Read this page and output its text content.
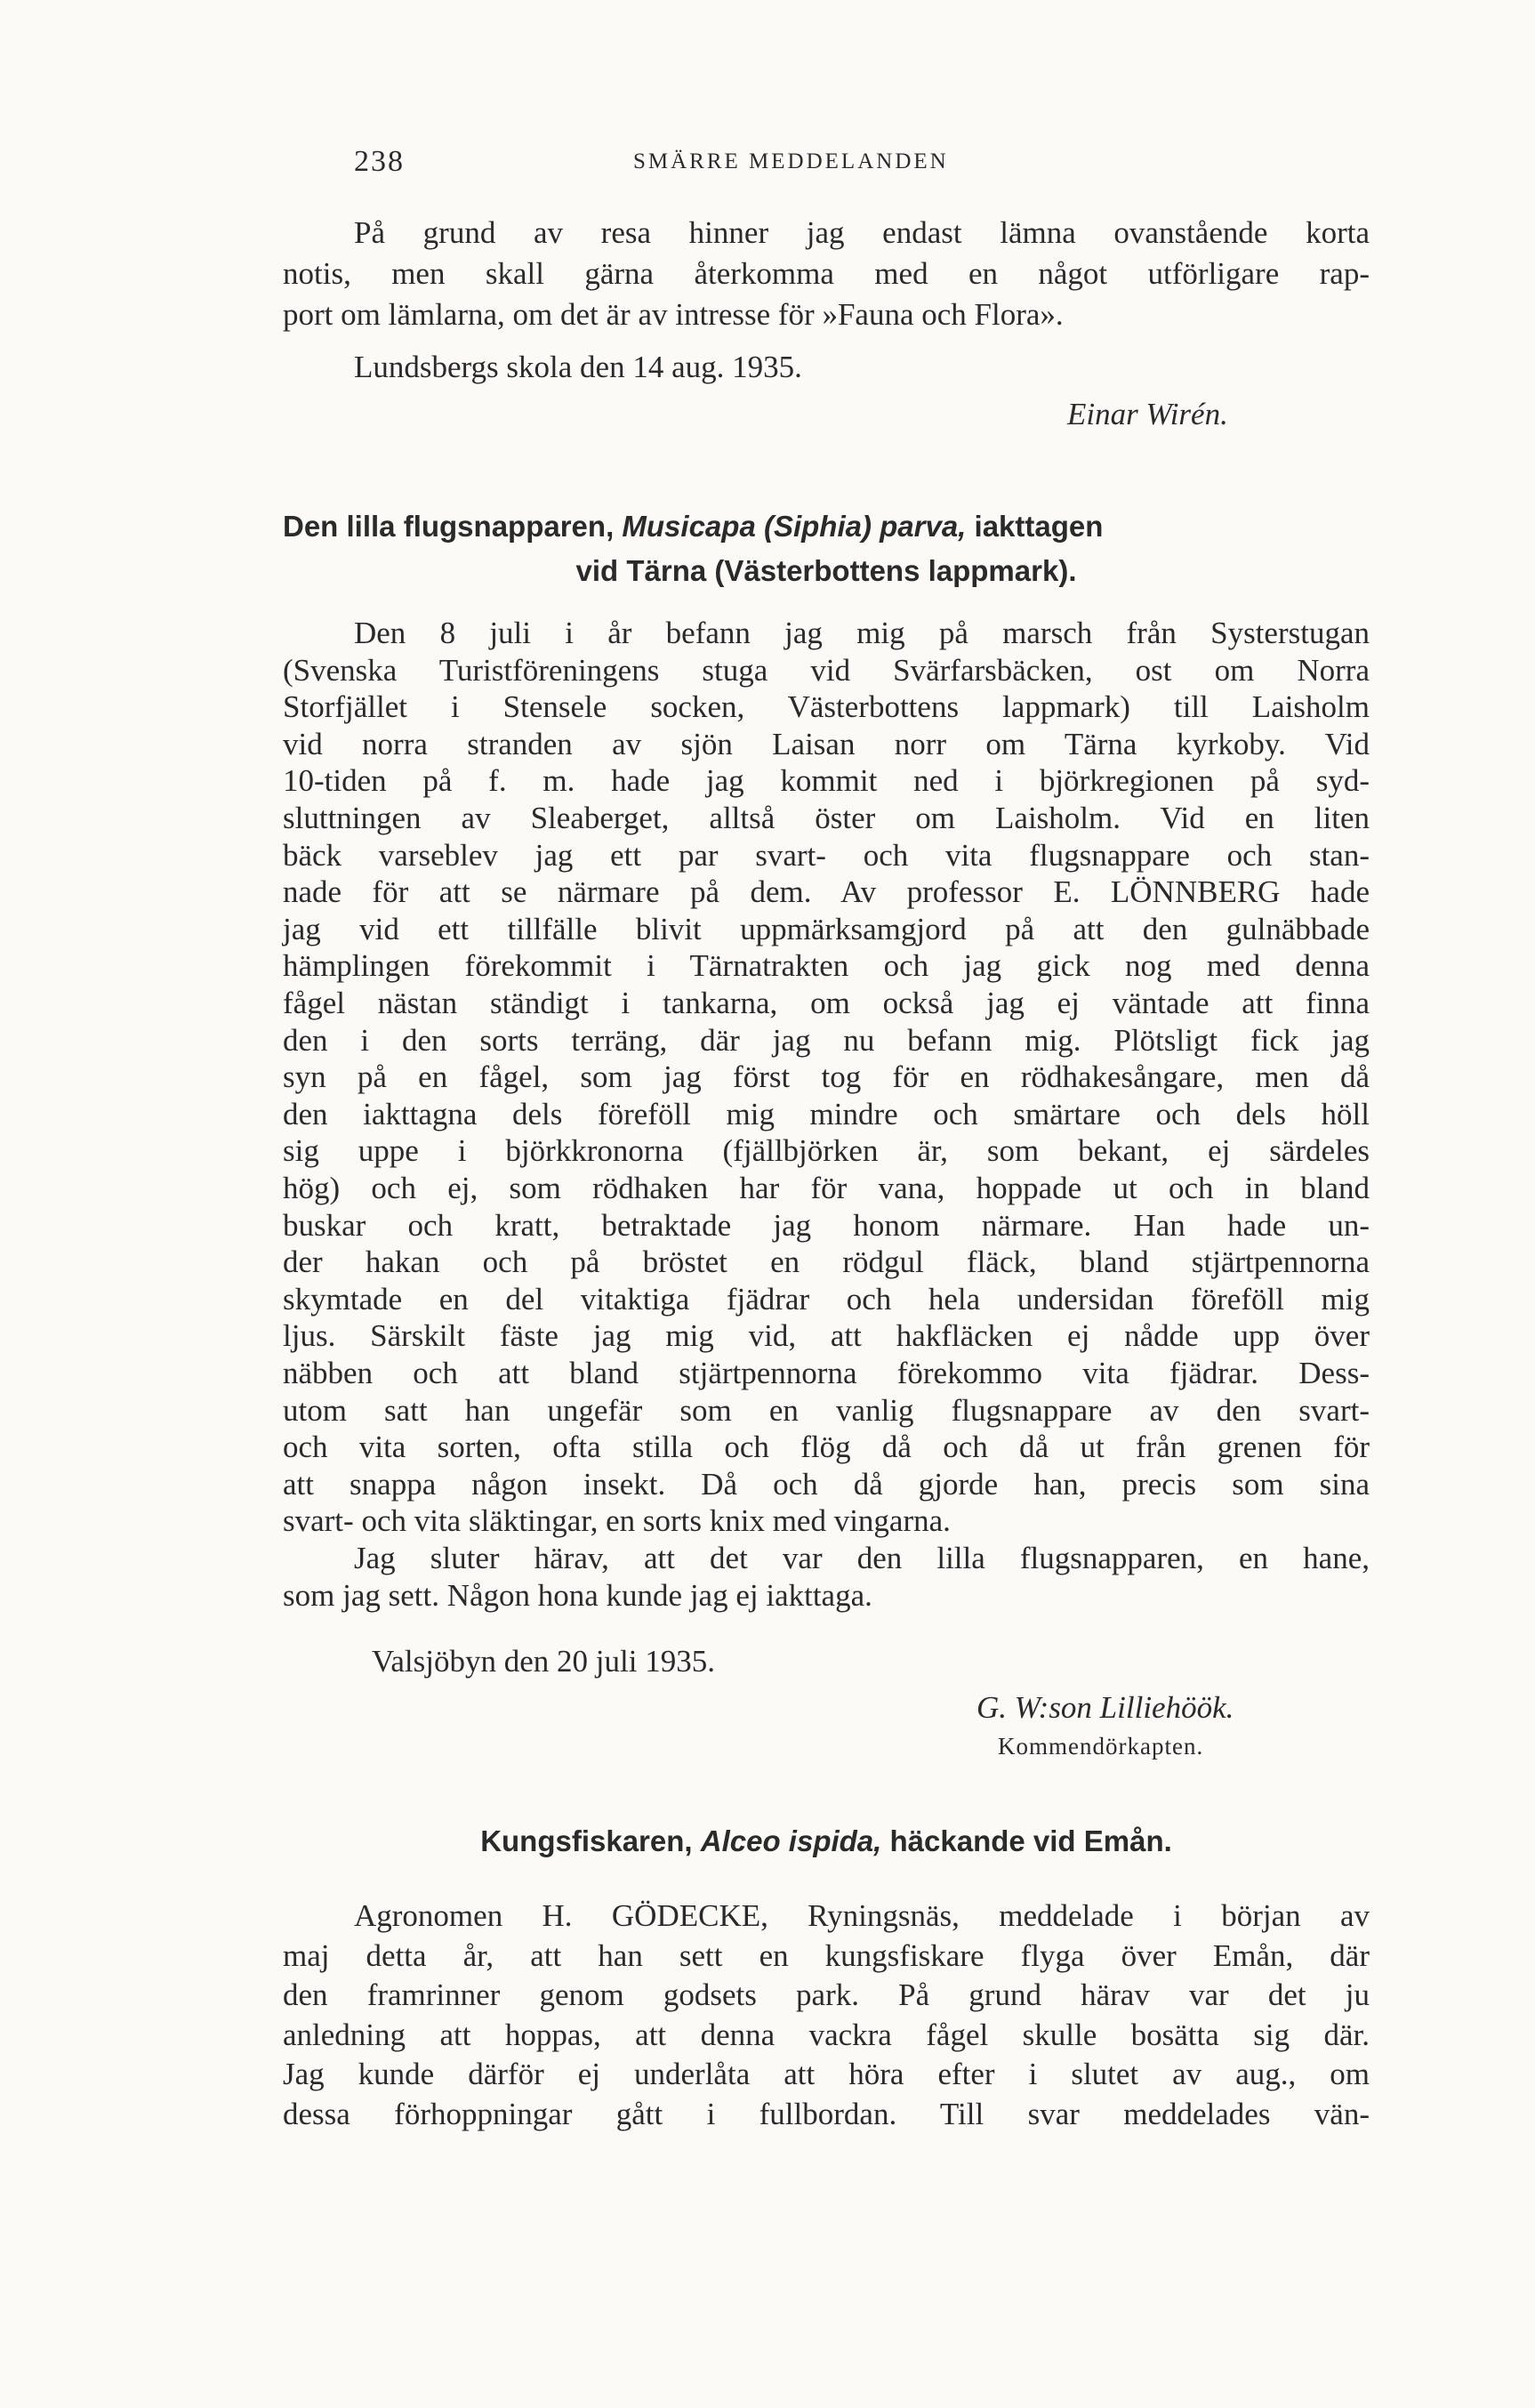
238	SMÄRRE MEDDELANDEN
På grund av resa hinner jag endast lämna ovanstående korta
notis, men skall gärna återkomma med en något utförligare rap-
port om lämlarna, om det är av intresse för »Fauna och Flora».
Lundsbergs skola den 14 aug. 1935.
Einar Wirén.
Den lilla flugsnapparen, Musicapa (Siphia) parva, iakttagen
vid Tärna (Västerbottens lappmark).
Den 8 juli i år befann jag mig på marsch från Systerstugan
(Svenska Turistföreningens stuga vid Svärfarsbäcken, ost om Norra
Storfjället i Stensele socken, Västerbottens lappmark) till Laisholm
vid norra stranden av sjön Laisan norr om Tärna kyrkoby. Vid
10-tiden på f. m. hade jag kommit ned i björkregionen på syd-
sluttningen av Sleaberget, alltså öster om Laisholm. Vid en liten
bäck varseblev jag ett par svart- och vita flugsnappare och stan-
nade för att se närmare på dem. Av professor E. LÖNNBERG hade
jag vid ett tillfälle blivit uppmärksamgjord på att den gulnäbbade
hämplingen förekommit i Tärnatrakten och jag gick nog med denna
fågel nästan ständigt i tankarna, om också jag ej väntade att finna
den i den sorts terräng, där jag nu befann mig. Plötsligt fick jag
syn på en fågel, som jag först tog för en rödhakesångare, men då
den iakttagna dels föreföll mig mindre och smärtare och dels höll
sig uppe i björkkronorna (fjällbjörken är, som bekant, ej särdeles
hög) och ej, som rödhaken har för vana, hoppade ut och in bland
buskar och kratt, betraktade jag honom närmare. Han hade un-
der hakan och på bröstet en rödgul fläck, bland stjärtpennorna
skymtade en del vitaktiga fjädrar och hela undersidan föreföll mig
ljus. Särskilt fäste jag mig vid, att hakfläcken ej nådde upp över
näbben och att bland stjärtpennorna förekommo vita fjädrar. Dess-
utom satt han ungefär som en vanlig flugsnappare av den svart-
och vita sorten, ofta stilla och flög då och då ut från grenen för
att snappa någon insekt. Då och då gjorde han, precis som sina
svart- och vita släktingar, en sorts knix med vingarna.
Jag sluter härav, att det var den lilla flugsnapparen, en hane,
som jag sett. Någon hona kunde jag ej iakttaga.
Valsjöbyn den 20 juli 1935.
G. W:son Lilliehöök.
Kommendörkapten.
Kungsfiskaren, Alceo ispida, häckande vid Emån.
Agronomen H. GÖDECKE, Ryningsnäs, meddelade i början av
maj detta år, att han sett en kungsfiskare flyga över Emån, där
den framrinner genom godsets park. På grund härav var det ju
anledning att hoppas, att denna vackra fågel skulle bosätta sig där.
Jag kunde därför ej underlåta att höra efter i slutet av aug., om
dessa förhoppningar gått i fullbordan. Till svar meddelades vän-
